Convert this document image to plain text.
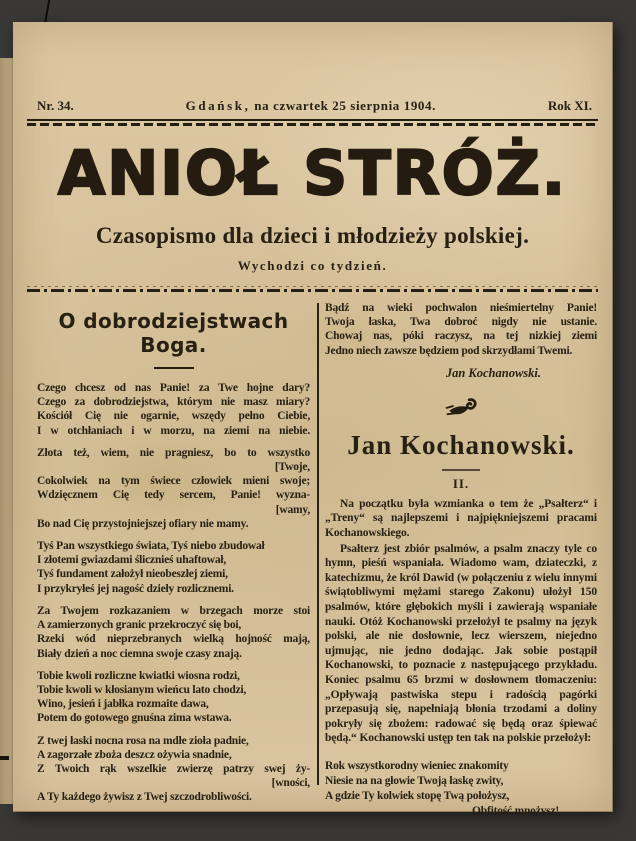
Nr. 34.	Gdańsk, na czwartek 25 sierpnia 1904.	Rok XI.
ANIOŁ STRÓŻ.
Czasopismo dla dzieci i młodzieży polskiej.
Wychodzi co tydzień.
O dobrodziejstwach Boga.
Czego chcesz od nas Panie! za Twe hojne dary?
Czego za dobrodziejstwa, którym nie masz miary?
Kościół Cię nie ogarnie, wszędy pełno Ciebie,
I w otchłaniach i w morzu, na ziemi na niebie.
Złota też, wiem, nie pragniesz, bo to wszystko
[Twoje,
Cokolwiek na tym świece człowiek mieni swoje;
Wdzięcznem Cię tedy sercem, Panie! wyzna-
[wamy,
Bo nad Cię przystojniejszej ofiary nie mamy.
Tyś Pan wszystkiego świata, Tyś niebo zbudował
I złotemi gwiazdami ślicznieś uhaftował,
Tyś fundament założył nieobeszłej ziemi,
I przykryłeś jej nagość dzieły rozlicznemi.
Za Twojem rozkazaniem w brzegach morze stoi
A zamierzonych granic przekroczyć się boi,
Rzeki wód nieprzebranych wielką hojność mają,
Biały dzień a noc ciemna swoje czasy znają.
Tobie kwoli rozliczne kwiatki wiosna rodzi,
Tobie kwoli w kłosianym wieńcu lato chodzi,
Wino, jesień i jabłka rozmaite dawa,
Potem do gotowego gnuśna zima wstawa.
Z twej łaski nocna rosa na mdłe zioła padnie,
A zagorzałe zboża deszcz ożywia snadnie,
Z Twoich rąk wszelkie zwierzę patrzy swej ży-
[wności,
A Ty każdego żywisz z Twej szczodrobliwości.
Bądź na wieki pochwalon nieśmiertelny Panie!
Twoja łaska, Twa dobroć nigdy nie ustanie.
Chowaj nas, póki raczysz, na tej nizkiej ziemi
Jedno niech zawsze będziem pod skrzydłami Twemi.
Jan Kochanowski.
Jan Kochanowski.
II.

Na początku była wzmianka o tem że „Psałterz“ i „Treny“ są najlepszemi i najpiękniejszemi pracami Kochanowskiego.

Psałterz jest zbiór psalmów, a psalm znaczy tyle co hymn, pieśń wspaniała. Wiadomo wam, dziateczki, z katechizmu, że król Dawid (w połączeniu z wielu innymi świątobliwymi mężami starego Zakonu) ułożył 150 psalmów, które głębokich myśli i zawierają wspaniałe nauki. Otóż Kochanowski przełożył te psalmy na język polski, ale nie dosłownie, lecz wierszem, niejedno ujmując, nie jedno dodając. Jak sobie postąpił Kochanowski, to poznacie z następującego przykładu. Koniec psalmu 65 brzmi w dosłownem tłomaczeniu: „Opływają pastwiska stepu i radością pagórki przepasują się, napełniają błonia trzodami a doliny pokryły się zbożem: radować się będą oraz śpiewać będą.“ Kochanowski ustęp ten tak na polskie przełożył:

Rok wszystkorodny wieniec znakomity
Niesie na na głowie Twoją łaskę zwity,
A gdzie Ty kolwiek stopę Twą położysz,
Obfitość mnożysz!
